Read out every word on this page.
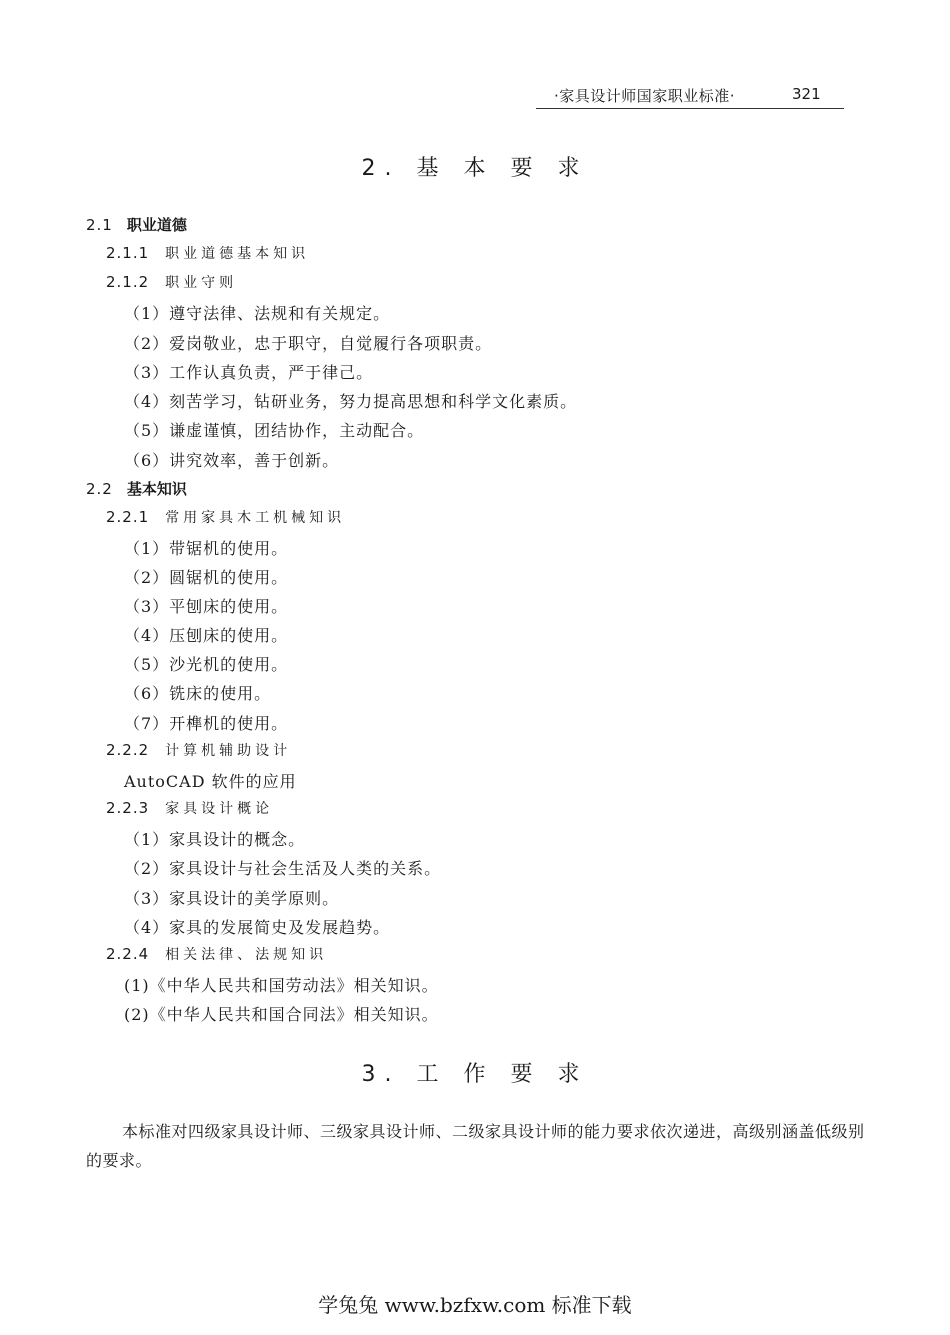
·家具设计师国家职业标准·	321
2. 基 本 要 求
2.1 职业道德
2.1.1 职业道德基本知识
2.1.2 职业守则
（1）遵守法律、法规和有关规定。
（2）爱岗敬业，忠于职守，自觉履行各项职责。
（3）工作认真负责，严于律己。
（4）刻苦学习，钻研业务，努力提高思想和科学文化素质。
（5）谦虚谨慎，团结协作，主动配合。
（6）讲究效率，善于创新。
2.2 基本知识
2.2.1 常用家具木工机械知识
（1）带锯机的使用。
（2）圆锯机的使用。
（3）平刨床的使用。
（4）压刨床的使用。
（5）沙光机的使用。
（6）铣床的使用。
（7）开榫机的使用。
2.2.2 计算机辅助设计
AutoCAD 软件的应用
2.2.3 家具设计概论
（1）家具设计的概念。
（2）家具设计与社会生活及人类的关系。
（3）家具设计的美学原则。
（4）家具的发展简史及发展趋势。
2.2.4 相关法律、法规知识
(1)《中华人民共和国劳动法》相关知识。
(2)《中华人民共和国合同法》相关知识。
3. 工 作 要 求
本标准对四级家具设计师、三级家具设计师、二级家具设计师的能力要求依次递进，高级别涵盖低级别的要求。
学兔兔 www.bzfxw.com 标准下载
